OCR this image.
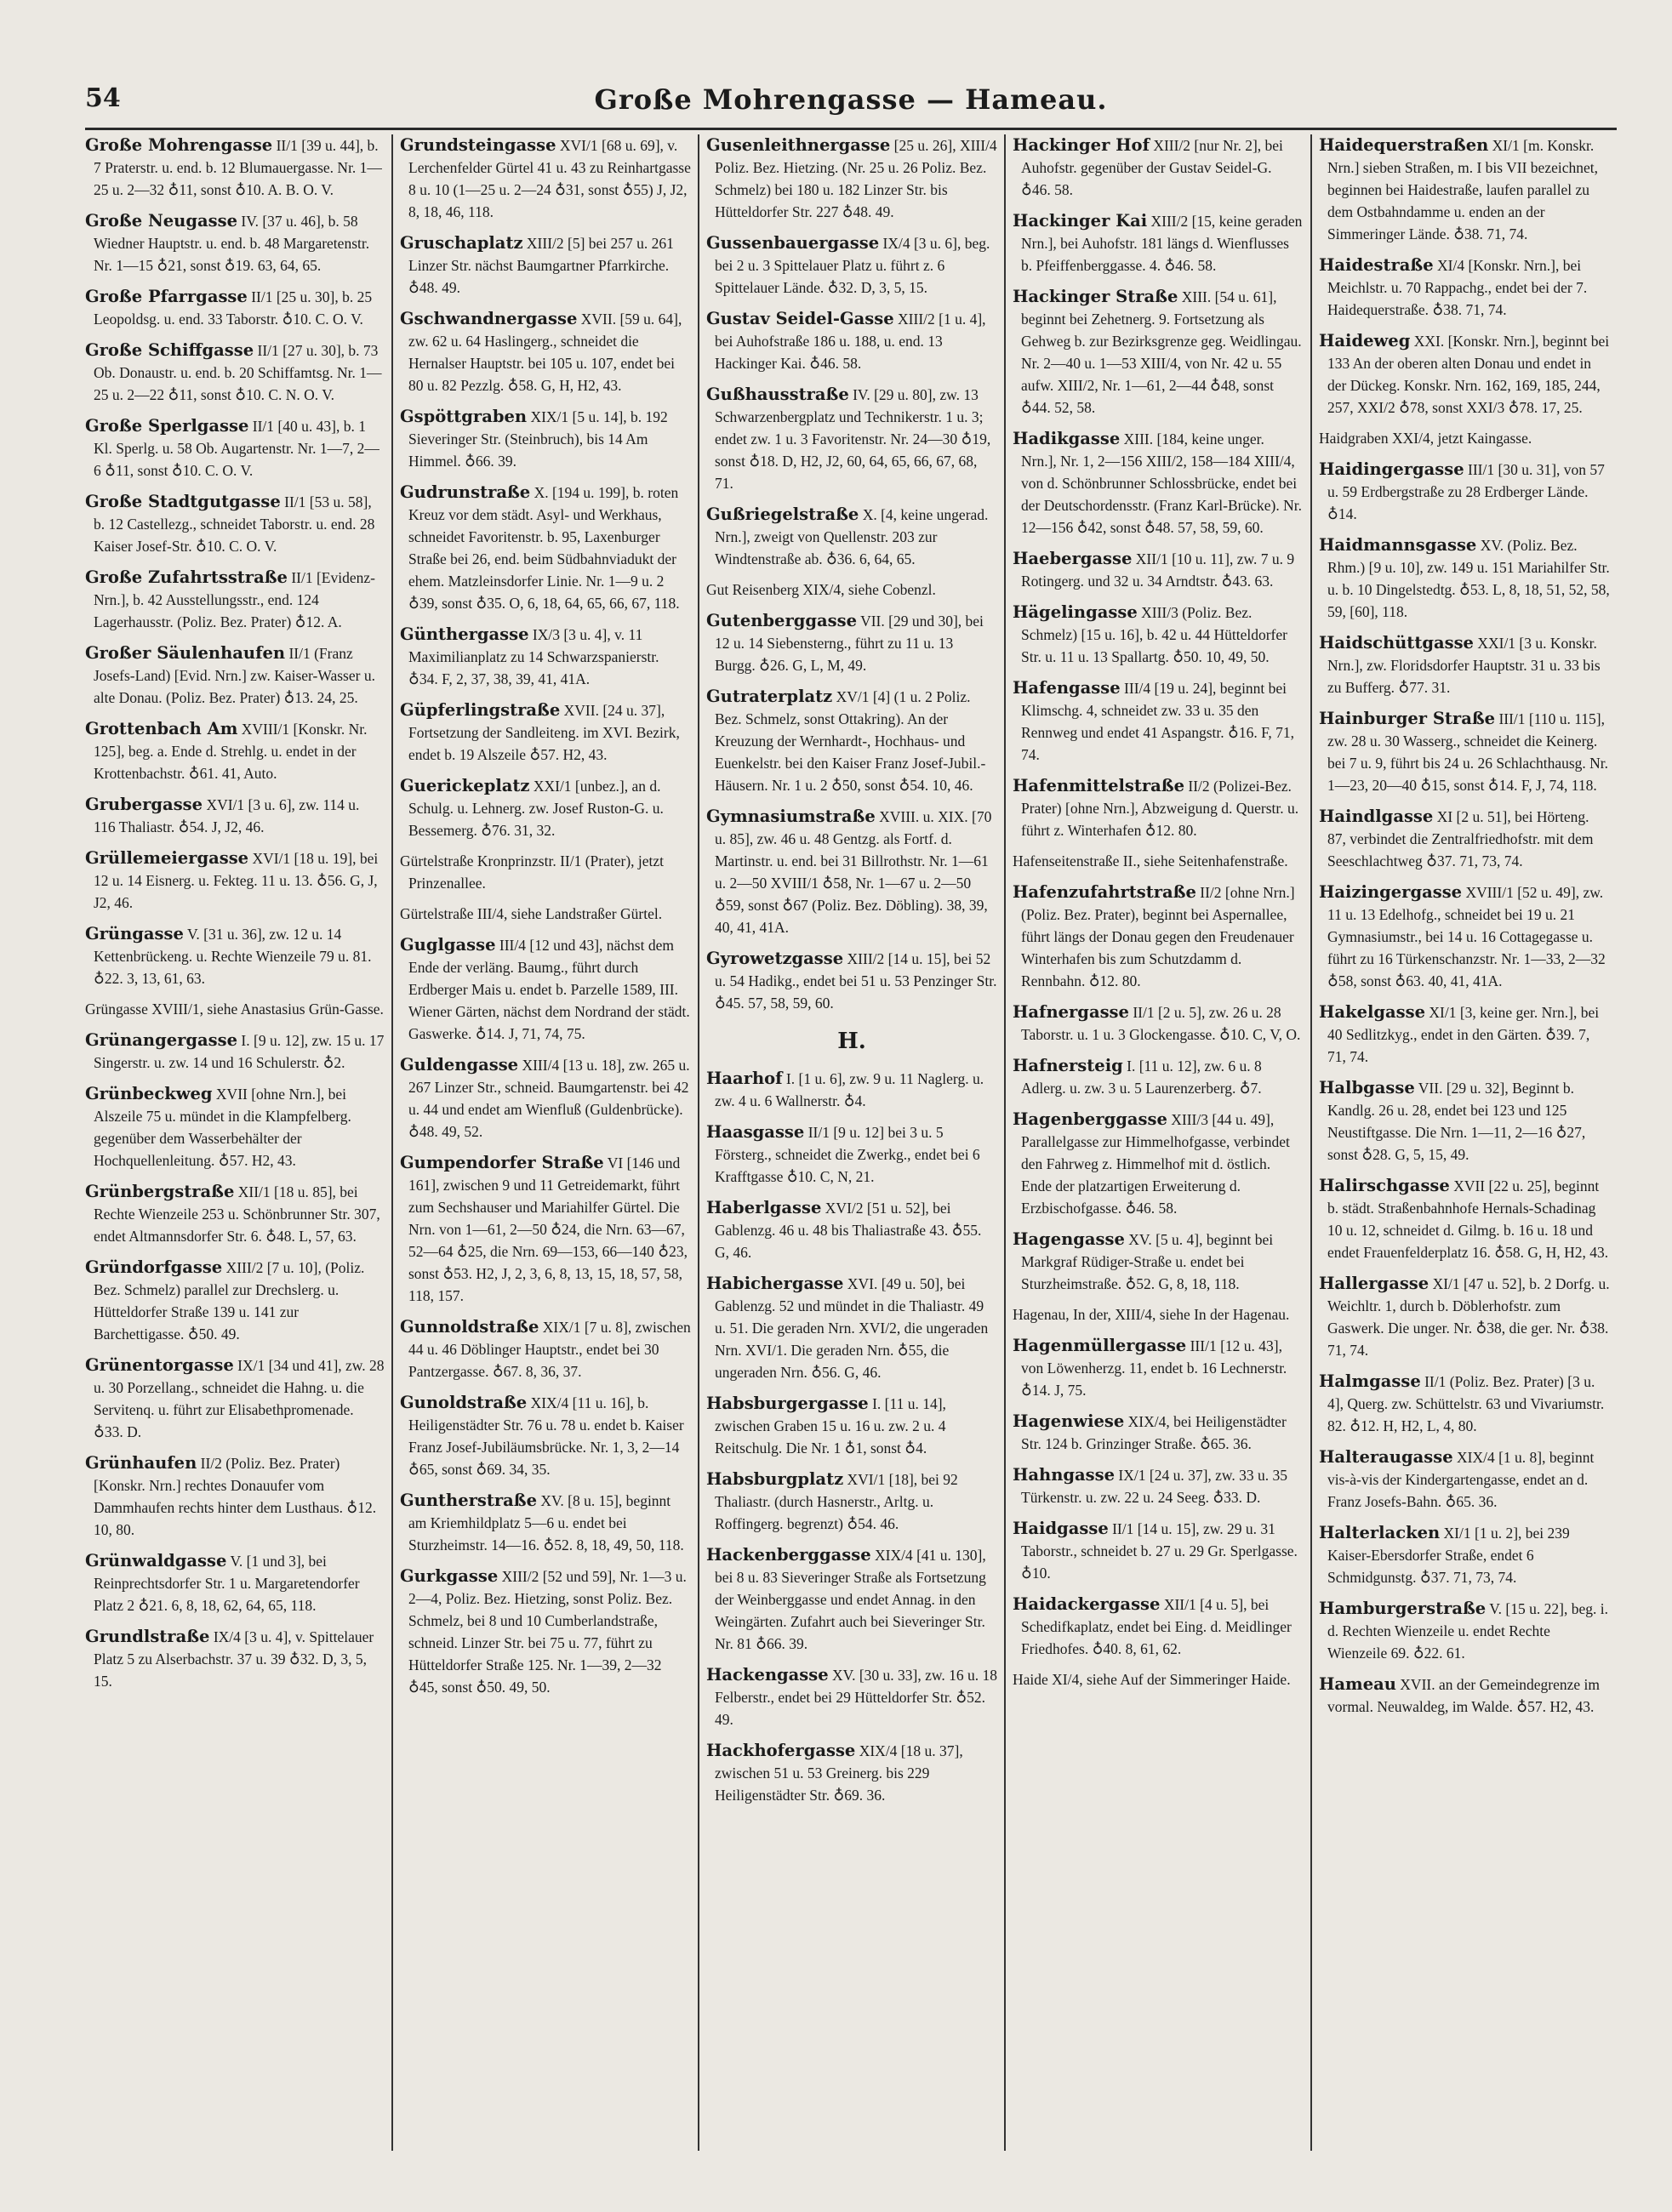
54	Große Mohrengasse — Hameau.
Große Mohrengasse II/1 [39 u. 44], b. 7 Praterstr. u. end. b. 12 Blumauergasse. Nr. 1—25 u. 2—32 ♁11, sonst ♁10. A. B. O. V.
Große Neugasse IV. [37 u. 46], b. 58 Wiedner Hauptstr. u. end. b. 48 Margaretenstr. Nr. 1—15 ♁21, sonst ♁19. 63, 64, 65.
Große Pfarrgasse II/1 [25 u. 30], b. 25 Leopoldsg. u. end. 33 Taborstr. ♁10. C. O. V.
Große Schiffgasse II/1 [27 u. 30], b. 73 Ob. Donaustr. u. end. b. 20 Schiffamtsg. Nr. 1—25 u. 2—22 ♁11, sonst ♁10. C. N. O. V.
Große Sperlgasse II/1 [40 u. 43], b. 1 Kl. Sperlg. u. 58 Ob. Augartenstr. Nr. 1—7, 2—6 ♁11, sonst ♁10. C. O. V.
Große Stadtgutgasse II/1 [53 u. 58], b. 12 Castellezg., schneidet Taborstr. u. end. 28 Kaiser Josef-Str. ♁10. C. O. V.
Große Zufahrtsstraße II/1 [Evidenz-Nrn.], b. 42 Ausstellungsstr., end. 124 Lagerhausstr. (Poliz. Bez. Prater) ♁12. A.
Großer Säulenhaufen II/1 (Franz Josefs-Land) [Evid. Nrn.] zw. Kaiser-Wasser u. alte Donau. (Poliz. Bez. Prater) ♁13. 24, 25.
Grottenbach Am XVIII/1 [Konskr. Nr. 125], beg. a. Ende d. Strehlg. u. endet in der Krottenbachstr. ♁61. 41, Auto.
Grubergasse XVI/1 [3 u. 6], zw. 114 u. 116 Thaliastr. ♁54. J, J2, 46.
Grüllemeiergasse XVI/1 [18 u. 19], bei 12 u. 14 Eisnerg. u. Fekteg. 11 u. 13. ♁56. G, J, J2, 46.
Grüngasse V. [31 u. 36], zw. 12 u. 14 Kettenbrückeng. u. Rechte Wienzeile 79 u. 81. ♁22. 3, 13, 61, 63.
Grüngasse XVIII/1, siehe Anastasius Grün-Gasse.
Grünangergasse I. [9 u. 12], zw. 15 u. 17 Singerstr. u. zw. 14 und 16 Schulerstr. ♁2.
Grünbeckweg XVII [ohne Nrn.], bei Alszeile 75 u. mündet in die Klampfelberg. gegenüber dem Wasserbehälter der Hochquellenleitung. ♁57. H2, 43.
Grünbergstraße XII/1 [18 u. 85], bei Rechte Wienzeile 253 u. Schönbrunner Str. 307, endet Altmannsdorfer Str. 6. ♁48. L, 57, 63.
Gründorfgasse XIII/2 [7 u. 10], (Poliz. Bez. Schmelz) parallel zur Drechslerg. u. Hütteldorfer Straße 139 u. 141 zur Barchettigasse. ♁50. 49.
Grünentorgasse IX/1 [34 und 41], zw. 28 u. 30 Porzellang., schneidet die Hahng. u. die Servitenq. u. führt zur Elisabethpromenade. ♁33. D.
Grünhaufen II/2 (Poliz. Bez. Prater) [Konskr. Nrn.] rechtes Donauufer vom Dammhaufen rechts hinter dem Lusthaus. ♁12. 10, 80.
Grünwaldgasse V. [1 und 3], bei Reinprechtsdorfer Str. 1 u. Margaretendorfer Platz 2 ♁21. 6, 8, 18, 62, 64, 65, 118.
Grundlstraße IX/4 [3 u. 4], v. Spittelauer Platz 5 zu Alserbachstr. 37 u. 39 ♁32. D, 3, 5, 15.
Grundsteingasse XVI/1 [68 u. 69], v. Lerchenfelder Gürtel 41 u. 43 zu Reinhartgasse 8 u. 10 (1—25 u. 2—24 ♁31, sonst ♁55) J, J2, 8, 18, 46, 118.
Gruschaplatz XIII/2 [5] bei 257 u. 261 Linzer Str. nächst Baumgartner Pfarrkirche. ♁48. 49.
Gschwandnergasse XVII. [59 u. 64], zw. 62 u. 64 Haslingerg., schneidet die Hernalser Hauptstr. bei 105 u. 107, endet bei 80 u. 82 Pezzlg. ♁58. G, H, H2, 43.
Gspöttgraben XIX/1 [5 u. 14], b. 192 Sieveringer Str. (Steinbruch), bis 14 Am Himmel. ♁66. 39.
Gudrunstraße X. [194 u. 199], b. roten Kreuz vor dem städt. Asyl- und Werkhaus, schneidet Favoritenstr. b. 95, Laxenburger Straße bei 26, end. beim Südbahnviadukt der ehem. Matzleinsdorfer Linie. Nr. 1—9 u. 2 ♁39, sonst ♁35. O, 6, 18, 64, 65, 66, 67, 118.
Günthergasse IX/3 [3 u. 4], v. 11 Maximilianplatz zu 14 Schwarzspanierstr. ♁34. F, 2, 37, 38, 39, 41, 41A.
Güpferlingstraße XVII. [24 u. 37], Fortsetzung der Sandleiteng. im XVI. Bezirk, endet b. 19 Alszeile ♁57. H2, 43.
Guerickeplatz XXI/1 [unbez.], an d. Schulg. u. Lehnerg. zw. Josef Ruston-G. u. Bessemerg. ♁76. 31, 32.
Gürtelstraße Kronprinzstr. II/1 (Prater), jetzt Prinzenallee.
Gürtelstraße III/4, siehe Landstraßer Gürtel.
Guglgasse III/4 [12 und 43], nächst dem Ende der verläng. Baumg., führt durch Erdberger Mais u. endet b. Parzelle 1589, III. Wiener Gärten, nächst dem Nordrand der städt. Gaswerke. ♁14. J, 71, 74, 75.
Guldengasse XIII/4 [13 u. 18], zw. 265 u. 267 Linzer Str., schneid. Baumgartenstr. bei 42 u. 44 und endet am Wienfluß (Guldenbrücke). ♁48. 49, 52.
Gumpendorfer Straße VI [146 und 161], zwischen 9 und 11 Getreidemarkt, führt zum Sechshauser und Mariahilfer Gürtel. Die Nrn. von 1—61, 2—50 ♁24, die Nrn. 63—67, 52—64 ♁25, die Nrn. 69—153, 66—140 ♁23, sonst ♁53. H2, J, 2, 3, 6, 8, 13, 15, 18, 57, 58, 118, 157.
Gunnoldstraße XIX/1 [7 u. 8], zwischen 44 u. 46 Döblinger Hauptstr., endet bei 30 Pantzergasse. ♁67. 8, 36, 37.
Gunoldstraße XIX/4 [11 u. 16], b. Heiligenstädter Str. 76 u. 78 u. endet b. Kaiser Franz Josef-Jubiläumsbrücke. Nr. 1, 3, 2—14 ♁65, sonst ♁69. 34, 35.
Guntherstraße XV. [8 u. 15], beginnt am Kriemhildplatz 5—6 u. endet bei Sturzheimstr. 14—16. ♁52. 8, 18, 49, 50, 118.
Gurkgasse XIII/2 [52 und 59], Nr. 1—3 u. 2—4, Poliz. Bez. Hietzing, sonst Poliz. Bez. Schmelz, bei 8 und 10 Cumberlandstraße, schneid. Linzer Str. bei 75 u. 77, führt zu Hütteldorfer Straße 125. Nr. 1—39, 2—32 ♁45, sonst ♁50. 49, 50.
Gusenleithnergasse [25 u. 26], XIII/4 Poliz. Bez. Hietzing. (Nr. 25 u. 26 Poliz. Bez. Schmelz) bei 180 u. 182 Linzer Str. bis Hütteldorfer Str. 227 ♁48. 49.
Gussenbauergasse IX/4 [3 u. 6], beg. bei 2 u. 3 Spittelauer Platz u. führt z. 6 Spittelauer Lände. ♁32. D, 3, 5, 15.
Gustav Seidel-Gasse XIII/2 [1 u. 4], bei Auhofstraße 186 u. 188, u. end. 13 Hackinger Kai. ♁46. 58.
Gußhausstraße IV. [29 u. 80], zw. 13 Schwarzenbergplatz und Technikerstr. 1 u. 3; endet zw. 1 u. 3 Favoritenstr. Nr. 24—30 ♁19, sonst ♁18. D, H2, J2, 60, 64, 65, 66, 67, 68, 71.
Gußriegelstraße X. [4, keine ungerad. Nrn.], zweigt von Quellenstr. 203 zur Windtenstraße ab. ♁36. 6, 64, 65.
Gut Reisenberg XIX/4, siehe Cobenzl.
Gutenberggasse VII. [29 und 30], bei 12 u. 14 Siebensterng., führt zu 11 u. 13 Burgg. ♁26. G, L, M, 49.
Gutraterplatz XV/1 [4] (1 u. 2 Poliz. Bez. Schmelz, sonst Ottakring). An der Kreuzung der Wernhardt-, Hochhaus- und Euenkelstr. bei den Kaiser Franz Josef-Jubil.-Häusern. Nr. 1 u. 2 ♁50, sonst ♁54. 10, 46.
Gymnasiumstraße XVIII. u. XIX. [70 u. 85], zw. 46 u. 48 Gentzg. als Fortf. d. Martinstr. u. end. bei 31 Billrothstr. Nr. 1—61 u. 2—50 XVIII/1 ♁58, Nr. 1—67 u. 2—50 ♁59, sonst ♁67 (Poliz. Bez. Döbling). 38, 39, 40, 41, 41A.
Gyrowetzgasse XIII/2 [14 u. 15], bei 52 u. 54 Hadikg., endet bei 51 u. 53 Penzinger Str. ♁45. 57, 58, 59, 60.
H.
Haarhof I. [1 u. 6], zw. 9 u. 11 Naglerg. u. zw. 4 u. 6 Wallnerstr. ♁4.
Haasgasse II/1 [9 u. 12] bei 3 u. 5 Försterg., schneidet die Zwerkg., endet bei 6 Krafftgasse ♁10. C, N, 21.
Haberlgasse XVI/2 [51 u. 52], bei Gablenzg. 46 u. 48 bis Thaliastraße 43. ♁55. G, 46.
Habichergasse XVI. [49 u. 50], bei Gablenzg. 52 und mündet in die Thaliastr. 49 u. 51. Die geraden Nrn. XVI/2, die ungeraden Nrn. XVI/1. Die geraden Nrn. ♁55, die ungeraden Nrn. ♁56. G, 46.
Habsburgergasse I. [11 u. 14], zwischen Graben 15 u. 16 u. zw. 2 u. 4 Reitschulg. Die Nr. 1 ♁1, sonst ♁4.
Habsburgplatz XVI/1 [18], bei 92 Thaliastr. (durch Hasnerstr., Arltg. u. Roffingerg. begrenzt) ♁54. 46.
Hackenberggasse XIX/4 [41 u. 130], bei 8 u. 83 Sieveringer Straße als Fortsetzung der Weinberggasse und endet Annag. in den Weingärten. Zufahrt auch bei Sieveringer Str. Nr. 81 ♁66. 39.
Hackengasse XV. [30 u. 33], zw. 16 u. 18 Felberstr., endet bei 29 Hütteldorfer Str. ♁52. 49.
Hackhofergasse XIX/4 [18 u. 37], zwischen 51 u. 53 Greinerg. bis 229 Heiligenstädter Str. ♁69. 36.
Hackinger Hof XIII/2 [nur Nr. 2], bei Auhofstr. gegenüber der Gustav Seidel-G. ♁46. 58.
Hackinger Kai XIII/2 [15, keine geraden Nrn.], bei Auhofstr. 181 längs d. Wienflusses b. Pfeiffenberggasse. 4. ♁46. 58.
Hackinger Straße XIII. [54 u. 61], beginnt bei Zehetnerg. 9. Fortsetzung als Gehweg b. zur Bezirksgrenze geg. Weidlingau. Nr. 2—40 u. 1—53 XIII/4, von Nr. 42 u. 55 aufw. XIII/2, Nr. 1—61, 2—44 ♁48, sonst ♁44. 52, 58.
Hadikgasse XIII. [184, keine unger. Nrn.], Nr. 1, 2—156 XIII/2, 158—184 XIII/4, von d. Schönbrunner Schlossbrücke, endet bei der Deutschordensstr. (Franz Karl-Brücke). Nr. 12—156 ♁42, sonst ♁48. 57, 58, 59, 60.
Haebergasse XII/1 [10 u. 11], zw. 7 u. 9 Rotingerg. und 32 u. 34 Arndtstr. ♁43. 63.
Hägelingasse XIII/3 (Poliz. Bez. Schmelz) [15 u. 16], b. 42 u. 44 Hütteldorfer Str. u. 11 u. 13 Spallartg. ♁50. 10, 49, 50.
Hafengasse III/4 [19 u. 24], beginnt bei Klimschg. 4, schneidet zw. 33 u. 35 den Rennweg und endet 41 Aspangstr. ♁16. F, 71, 74.
Hafenmittelstraße II/2 (Polizei-Bez. Prater) [ohne Nrn.], Abzweigung d. Querstr. u. führt z. Winterhafen ♁12. 80.
Hafenseitenstraße II., siehe Seitenhafenstraße.
Hafenzufahrtstraße II/2 [ohne Nrn.] (Poliz. Bez. Prater), beginnt bei Aspernallee, führt längs der Donau gegen den Freudenauer Winterhafen bis zum Schutzdamm d. Rennbahn. ♁12. 80.
Hafnergasse II/1 [2 u. 5], zw. 26 u. 28 Taborstr. u. 1 u. 3 Glockengasse. ♁10. C, V, O.
Hafnersteig I. [11 u. 12], zw. 6 u. 8 Adlerg. u. zw. 3 u. 5 Laurenzerberg. ♁7.
Hagenberggasse XIII/3 [44 u. 49], Parallelgasse zur Himmelhofgasse, verbindet den Fahrweg z. Himmelhof mit d. östlich. Ende der platzartigen Erweiterung d. Erzbischofgasse. ♁46. 58.
Hagengasse XV. [5 u. 4], beginnt bei Markgraf Rüdiger-Straße u. endet bei Sturzheimstraße. ♁52. G, 8, 18, 118.
Hagenau, In der, XIII/4, siehe In der Hagenau.
Hagenmüllergasse III/1 [12 u. 43], von Löwenherzg. 11, endet b. 16 Lechnerstr. ♁14. J, 75.
Hagenwiese XIX/4, bei Heiligenstädter Str. 124 b. Grinzinger Straße. ♁65. 36.
Hahngasse IX/1 [24 u. 37], zw. 33 u. 35 Türkenstr. u. zw. 22 u. 24 Seeg. ♁33. D.
Haidgasse II/1 [14 u. 15], zw. 29 u. 31 Taborstr., schneidet b. 27 u. 29 Gr. Sperlgasse. ♁10.
Haidackergasse XII/1 [4 u. 5], bei Schedifkaplatz, endet bei Eing. d. Meidlinger Friedhofes. ♁40. 8, 61, 62.
Haide XI/4, siehe Auf der Simmeringer Haide.
Haidequerstraßen XI/1 [m. Konskr. Nrn.] sieben Straßen, m. I bis VII bezeichnet, beginnen bei Haidestraße, laufen parallel zu dem Ostbahndamme u. enden an der Simmeringer Lände. ♁38. 71, 74.
Haidestraße XI/4 [Konskr. Nrn.], bei Meichlstr. u. 70 Rappachg., endet bei der 7. Haidequerstraße. ♁38. 71, 74.
Haideweg XXI. [Konskr. Nrn.], beginnt bei 133 An der oberen alten Donau und endet in der Dückeg. Konskr. Nrn. 162, 169, 185, 244, 257, XXI/2 ♁78, sonst XXI/3 ♁78. 17, 25.
Haidgraben XXI/4, jetzt Kaingasse.
Haidingergasse III/1 [30 u. 31], von 57 u. 59 Erdbergstraße zu 28 Erdberger Lände. ♁14.
Haidmannsgasse XV. (Poliz. Bez. Rhm.) [9 u. 10], zw. 149 u. 151 Mariahilfer Str. u. b. 10 Dingelstedtg. ♁53. L, 8, 18, 51, 52, 58, 59, [60], 118.
Haidschüttgasse XXI/1 [3 u. Konskr. Nrn.], zw. Floridsdorfer Hauptstr. 31 u. 33 bis zu Bufferg. ♁77. 31.
Hainburger Straße III/1 [110 u. 115], zw. 28 u. 30 Wasserg., schneidet die Keinerg. bei 7 u. 9, führt bis 24 u. 26 Schlachthausg. Nr. 1—23, 20—40 ♁15, sonst ♁14. F, J, 74, 118.
Haindlgasse XI [2 u. 51], bei Hörteng. 87, verbindet die Zentralfriedhofstr. mit dem Seeschlachtweg ♁37. 71, 73, 74.
Haizingergasse XVIII/1 [52 u. 49], zw. 11 u. 13 Edelhofg., schneidet bei 19 u. 21 Gymnasiumstr., bei 14 u. 16 Cottagegasse u. führt zu 16 Türkenschanzstr. Nr. 1—33, 2—32 ♁58, sonst ♁63. 40, 41, 41A.
Hakelgasse XI/1 [3, keine ger. Nrn.], bei 40 Sedlitzkyg., endet in den Gärten. ♁39. 7, 71, 74.
Halbgasse VII. [29 u. 32], Beginnt b. Kandlg. 26 u. 28, endet bei 123 und 125 Neustiftgasse. Die Nrn. 1—11, 2—16 ♁27, sonst ♁28. G, 5, 15, 49.
Halirschgasse XVII [22 u. 25], beginnt b. städt. Straßenbahnhofe Hernals-Schadinag 10 u. 12, schneidet d. Gilmg. b. 16 u. 18 und endet Frauenfelderplatz 16. ♁58. G, H, H2, 43.
Hallergasse XI/1 [47 u. 52], b. 2 Dorfg. u. Weichltr. 1, durch b. Döblerhofstr. zum Gaswerk. Die unger. Nr. ♁38, die ger. Nr. ♁38. 71, 74.
Halmgasse II/1 (Poliz. Bez. Prater) [3 u. 4], Querg. zw. Schüttelstr. 63 und Vivariumstr. 82. ♁12. H, H2, L, 4, 80.
Halteraugasse XIX/4 [1 u. 8], beginnt vis-à-vis der Kindergartengasse, endet an d. Franz Josefs-Bahn. ♁65. 36.
Halterlacken XI/1 [1 u. 2], bei 239 Kaiser-Ebersdorfer Straße, endet 6 Schmidgunstg. ♁37. 71, 73, 74.
Hamburgerstraße V. [15 u. 22], beg. i. d. Rechten Wienzeile u. endet Rechte Wienzeile 69. ♁22. 61.
Hameau XVII. an der Gemeindegrenze im vormal. Neuwaldeg, im Walde. ♁57. H2, 43.
